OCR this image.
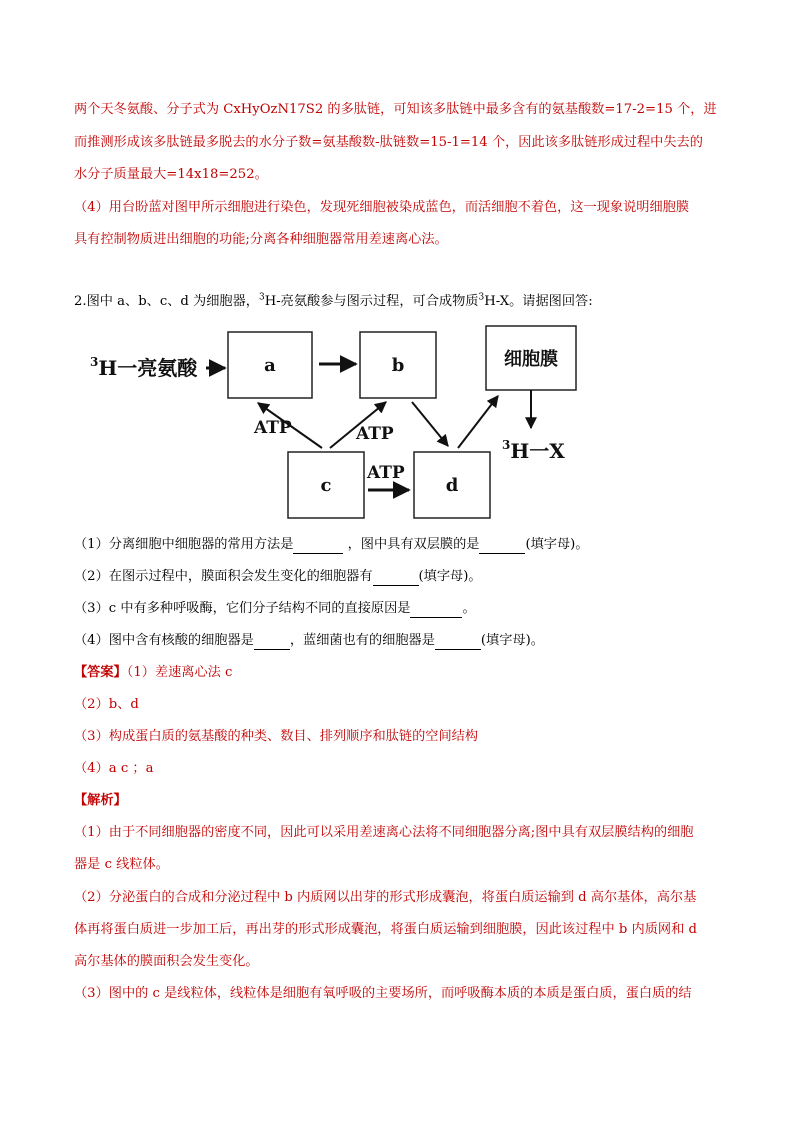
两个天冬氨酸、分子式为 CxHyOzN17S2 的多肽链，可知该多肽链中最多含有的氨基酸数=17-2=15 个，进
而推测形成该多肽链最多脱去的水分子数=氨基酸数-肽链数=15-1=14 个，因此该多肽链形成过程中失去的
水分子质量最大=14x18=252。
（4）用台盼蓝对图甲所示细胞进行染色，发现死细胞被染成蓝色，而活细胞不着色，这一现象说明细胞膜
具有控制物质进出细胞的功能;分离各种细胞器常用差速离心法。
2.图中 a、b、c、d 为细胞器，$^3$H-亮氨酸参与图示过程，可合成物质$^3$H-X。请据图回答:
$^3$H一亮氨酸	a	b	细胞膜
$^3$H一X
c	d
ATP	ATP
ATP
（1）分离细胞中细胞器的常用方法是	，图中具有双层膜的是	(填字母)。
（2）在图示过程中，膜面积会发生变化的细胞器有	(填字母)。
（3）c 中有多种呼吸酶，它们分子结构不同的直接原因是	。
（4）图中含有核酸的细胞器是	，蓝细菌也有的细胞器是	(填字母)。
【答案】（1）差速离心法 c
（2）b、d
（3）构成蛋白质的氨基酸的种类、数目、排列顺序和肽链的空间结构
（4）a c ；a
【解析】
（1）由于不同细胞器的密度不同，因此可以采用差速离心法将不同细胞器分离;图中具有双层膜结构的细胞
器是 c 线粒体。
（2）分泌蛋白的合成和分泌过程中 b 内质网以出芽的形式形成囊泡，将蛋白质运输到 d 高尔基体，高尔基
体再将蛋白质进一步加工后，再出芽的形式形成囊泡，将蛋白质运输到细胞膜，因此该过程中 b 内质网和 d
高尔基体的膜面积会发生变化。
（3）图中的 c 是线粒体，线粒体是细胞有氧呼吸的主要场所，而呼吸酶本质的本质是蛋白质，蛋白质的结
